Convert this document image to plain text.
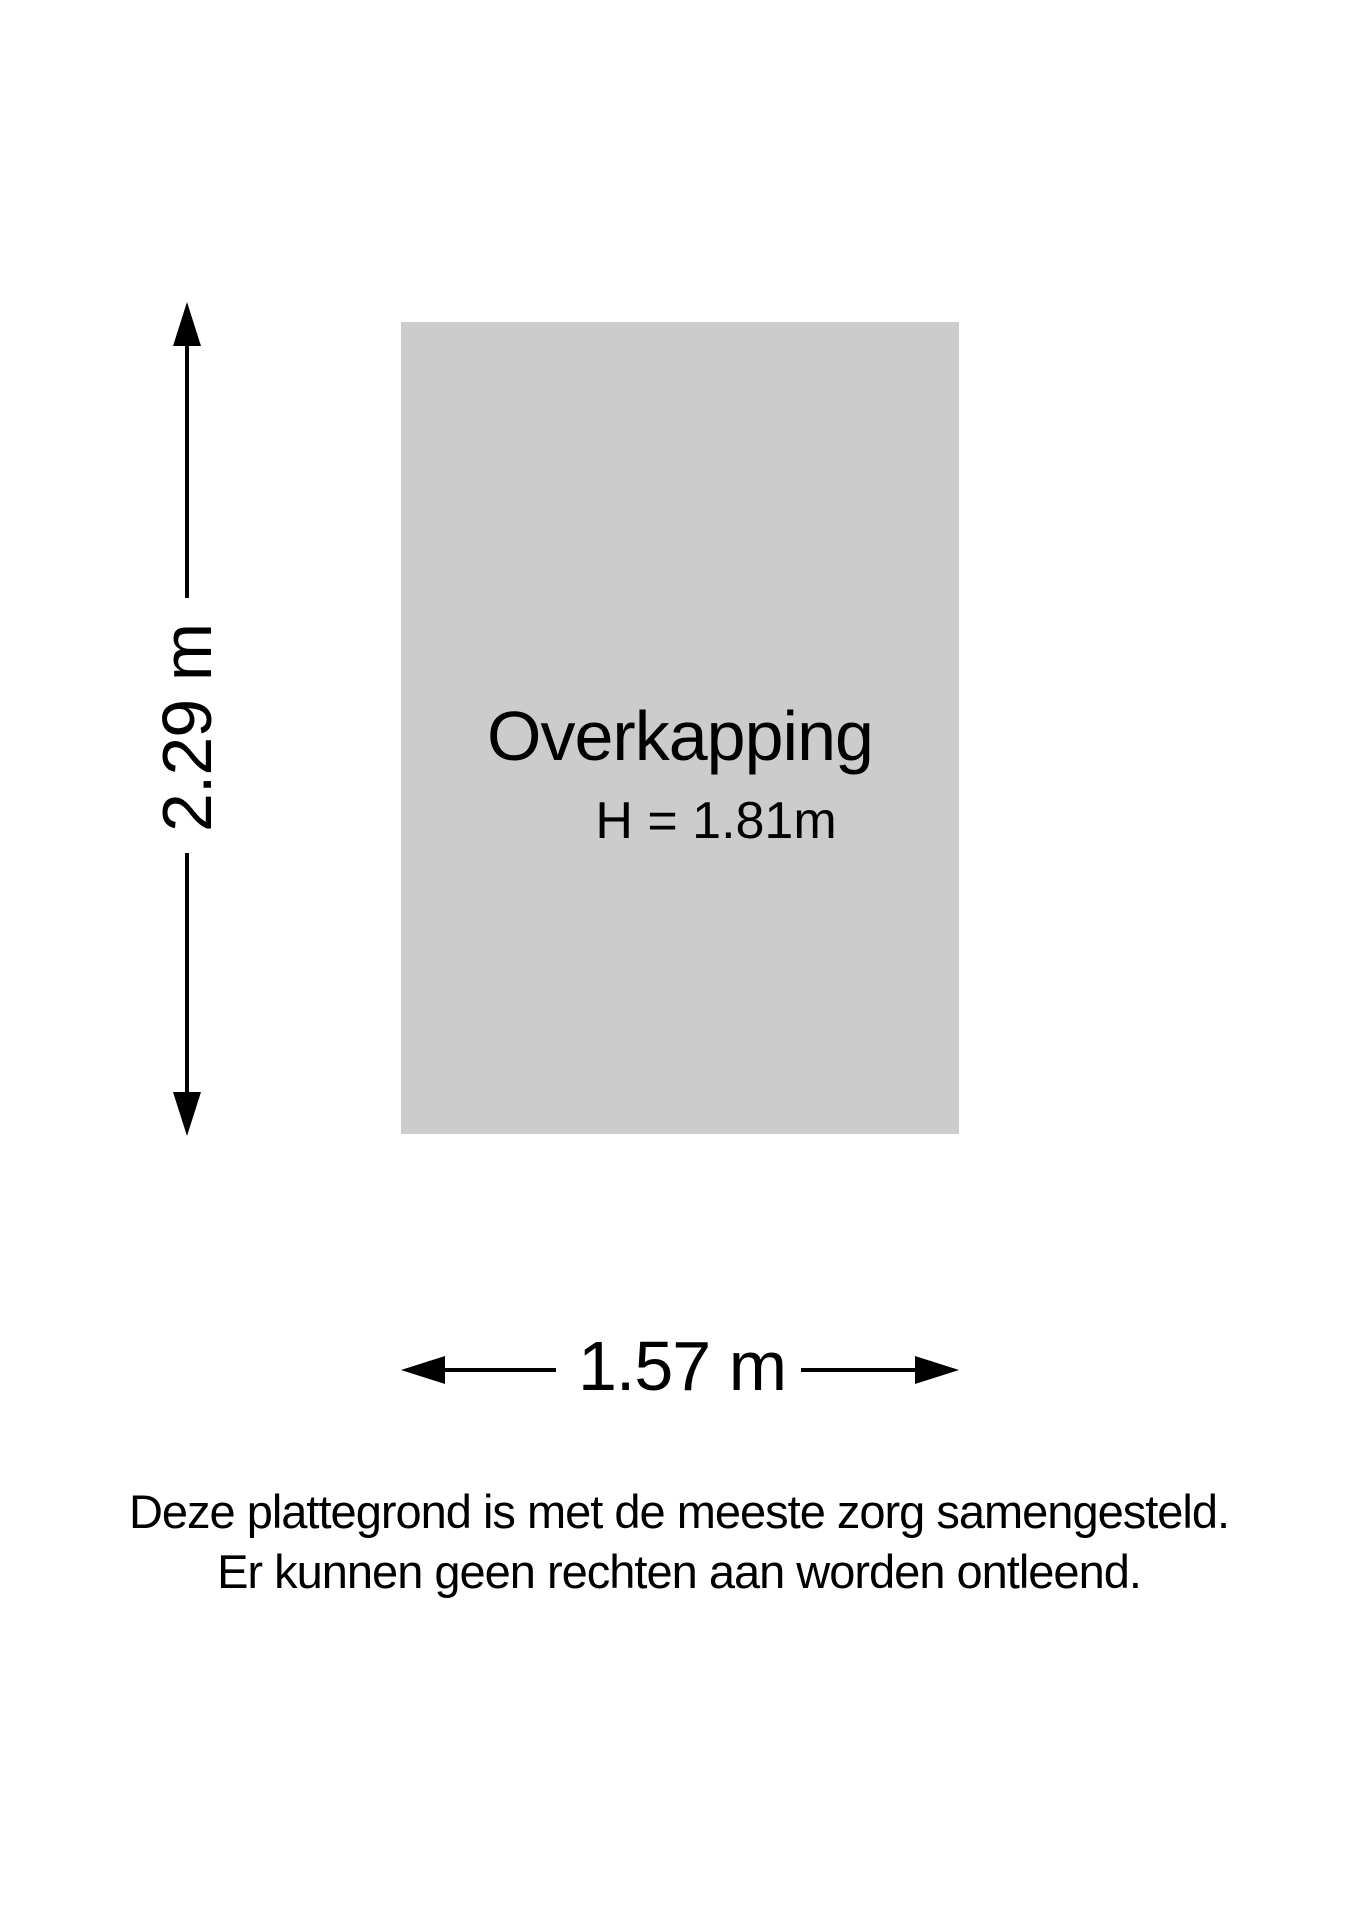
Overkapping
H = 1.81m
2.29 m
1.57 m
Deze plattegrond is met de meeste zorg samengesteld.
Er kunnen geen rechten aan worden ontleend.
